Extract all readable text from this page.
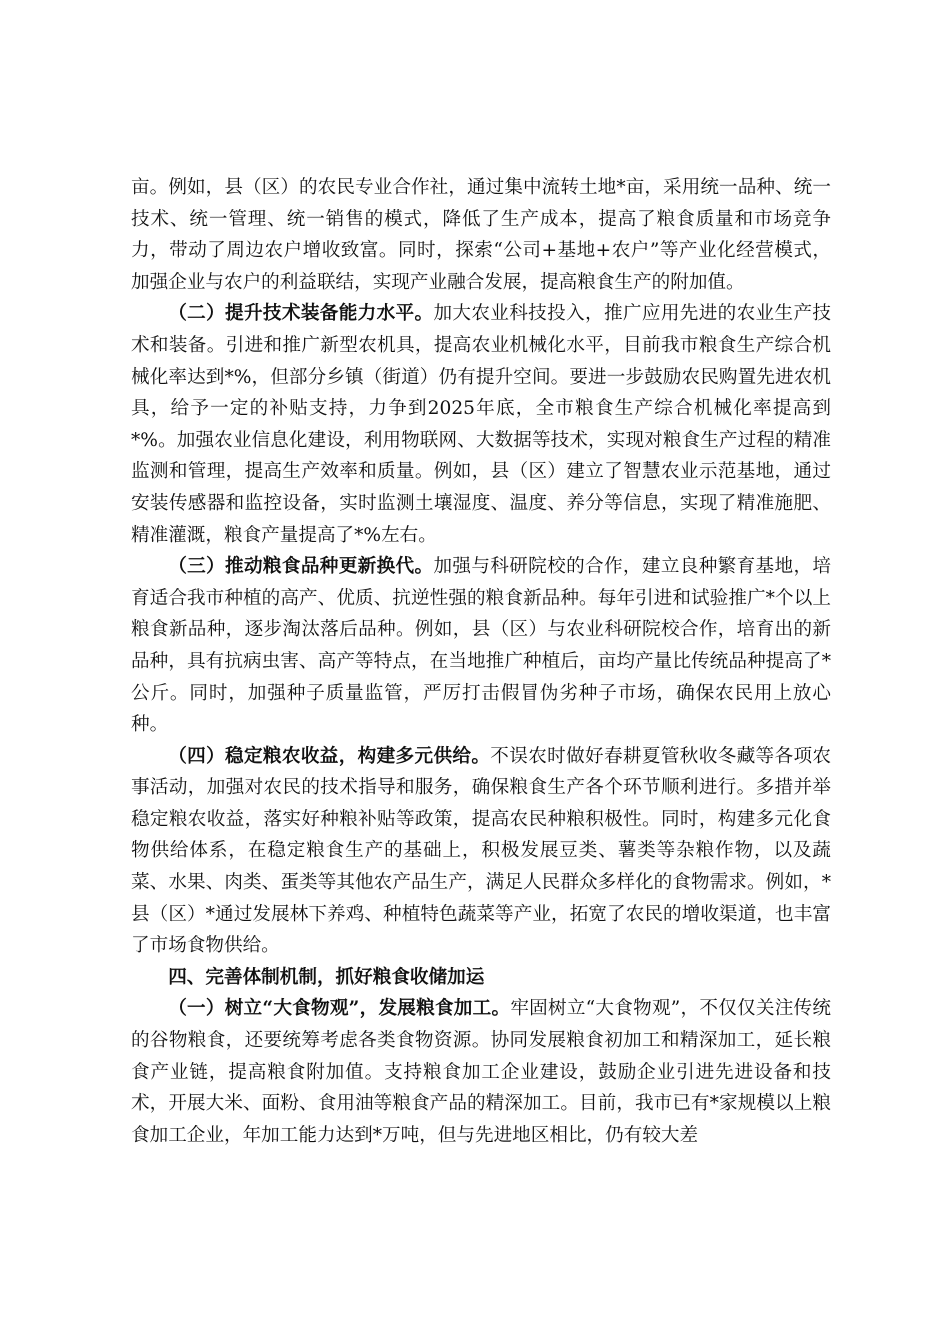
亩。例如，县（区）的农民专业合作社，通过集中流转土地*亩，采用统一品种、统一技术、统一管理、统一销售的模式，降低了生产成本，提高了粮食质量和市场竞争力，带动了周边农户增收致富。同时，探索“公司+基地+农户”等产业化经营模式，加强企业与农户的利益联结，实现产业融合发展，提高粮食生产的附加值。

（二）提升技术装备能力水平。加大农业科技投入，推广应用先进的农业生产技术和装备。引进和推广新型农机具，提高农业机械化水平，目前我市粮食生产综合机械化率达到*%，但部分乡镇（街道）仍有提升空间。要进一步鼓励农民购置先进农机具，给予一定的补贴支持，力争到2025年底，全市粮食生产综合机械化率提高到*%。加强农业信息化建设，利用物联网、大数据等技术，实现对粮食生产过程的精准监测和管理，提高生产效率和质量。例如，县（区）建立了智慧农业示范基地，通过安装传感器和监控设备，实时监测土壤湿度、温度、养分等信息，实现了精准施肥、精准灌溉，粮食产量提高了*%左右。

（三）推动粮食品种更新换代。加强与科研院校的合作，建立良种繁育基地，培育适合我市种植的高产、优质、抗逆性强的粮食新品种。每年引进和试验推广*个以上粮食新品种，逐步淘汰落后品种。例如，县（区）与农业科研院校合作，培育出的新品种，具有抗病虫害、高产等特点，在当地推广种植后，亩均产量比传统品种提高了*公斤。同时，加强种子质量监管，严厉打击假冒伪劣种子市场，确保农民用上放心种。

（四）稳定粮农收益，构建多元供给。不误农时做好春耕夏管秋收冬藏等各项农事活动，加强对农民的技术指导和服务，确保粮食生产各个环节顺利进行。多措并举稳定粮农收益，落实好种粮补贴等政策，提高农民种粮积极性。同时，构建多元化食物供给体系，在稳定粮食生产的基础上，积极发展豆类、薯类等杂粮作物，以及蔬菜、水果、肉类、蛋类等其他农产品生产，满足人民群众多样化的食物需求。例如，*县（区）*通过发展林下养鸡、种植特色蔬菜等产业，拓宽了农民的增收渠道，也丰富了市场食物供给。

四、完善体制机制，抓好粮食收储加运

（一）树立“大食物观”，发展粮食加工。牢固树立“大食物观”，不仅仅关注传统的谷物粮食，还要统筹考虑各类食物资源。协同发展粮食初加工和精深加工，延长粮食产业链，提高粮食附加值。支持粮食加工企业建设，鼓励企业引进先进设备和技术，开展大米、面粉、食用油等粮食产品的精深加工。目前，我市已有*家规模以上粮食加工企业，年加工能力达到*万吨，但与先进地区相比，仍有较大差
